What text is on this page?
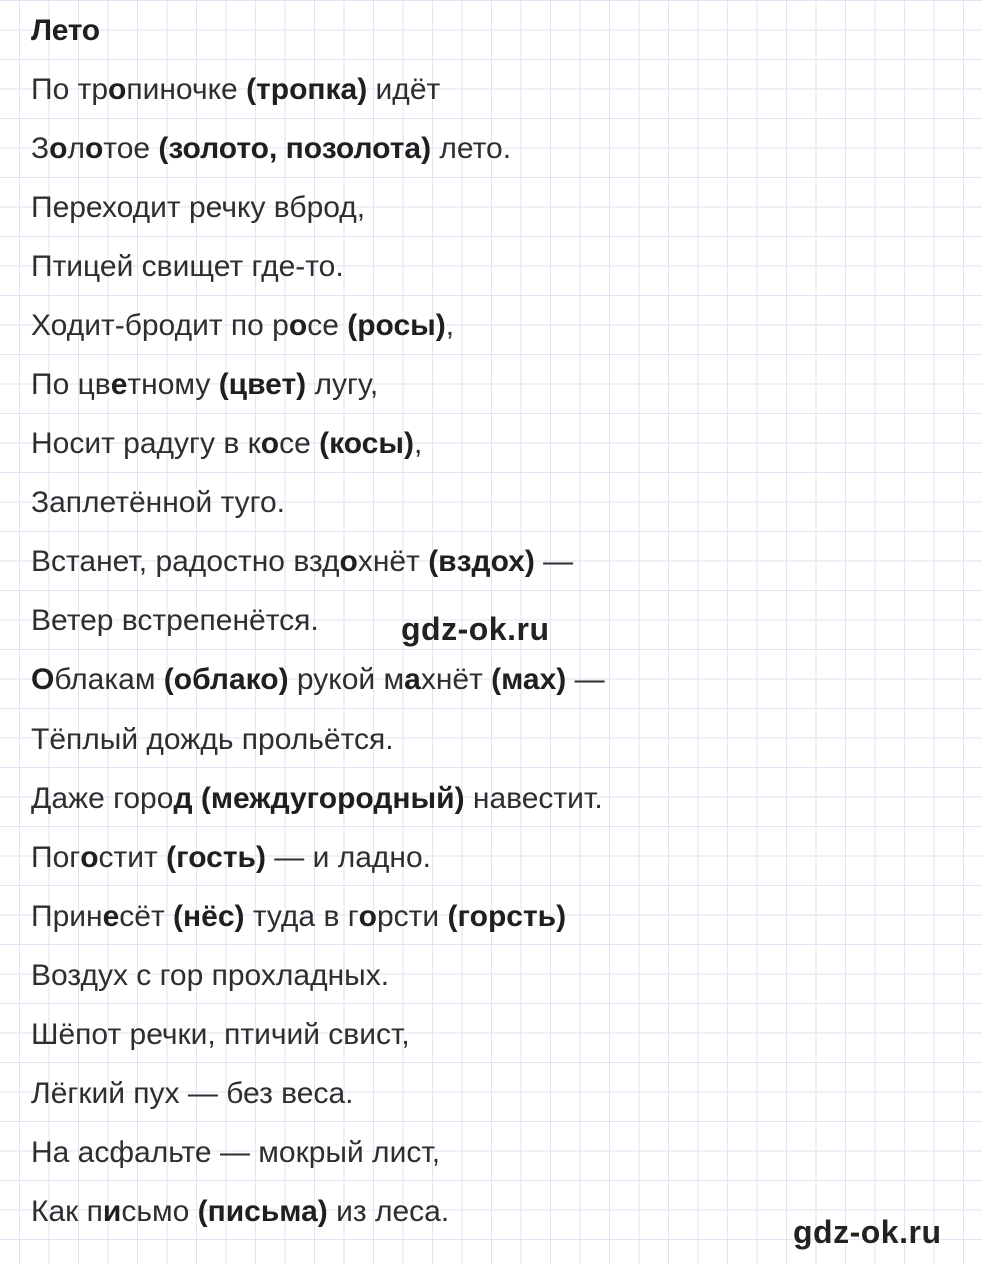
Лето
По тропиночке (тропка) идёт
Золотое (золото, позолота) лето.
Переходит речку вброд,
Птицей свищет где-то.
Ходит-бродит по росе (росы),
По цветному (цвет) лугу,
Носит радугу в косе (косы),
Заплетённой туго.
Встанет, радостно вздохнёт (вздох) —
Ветер встрепенётся.
Облакам (облако) рукой махнёт (мах) —
Тёплый дождь прольётся.
Даже город (междугородный) навестит.
Погостит (гость) — и ладно.
Принесёт (нёс) туда в горсти (горсть)
Воздух с гор прохладных.
Шёпот речки, птичий свист,
Лёгкий пух — без веса.
На асфальте — мокрый лист,
Как письмо (письма) из леса.
gdz-ok.ru
gdz-ok.ru
